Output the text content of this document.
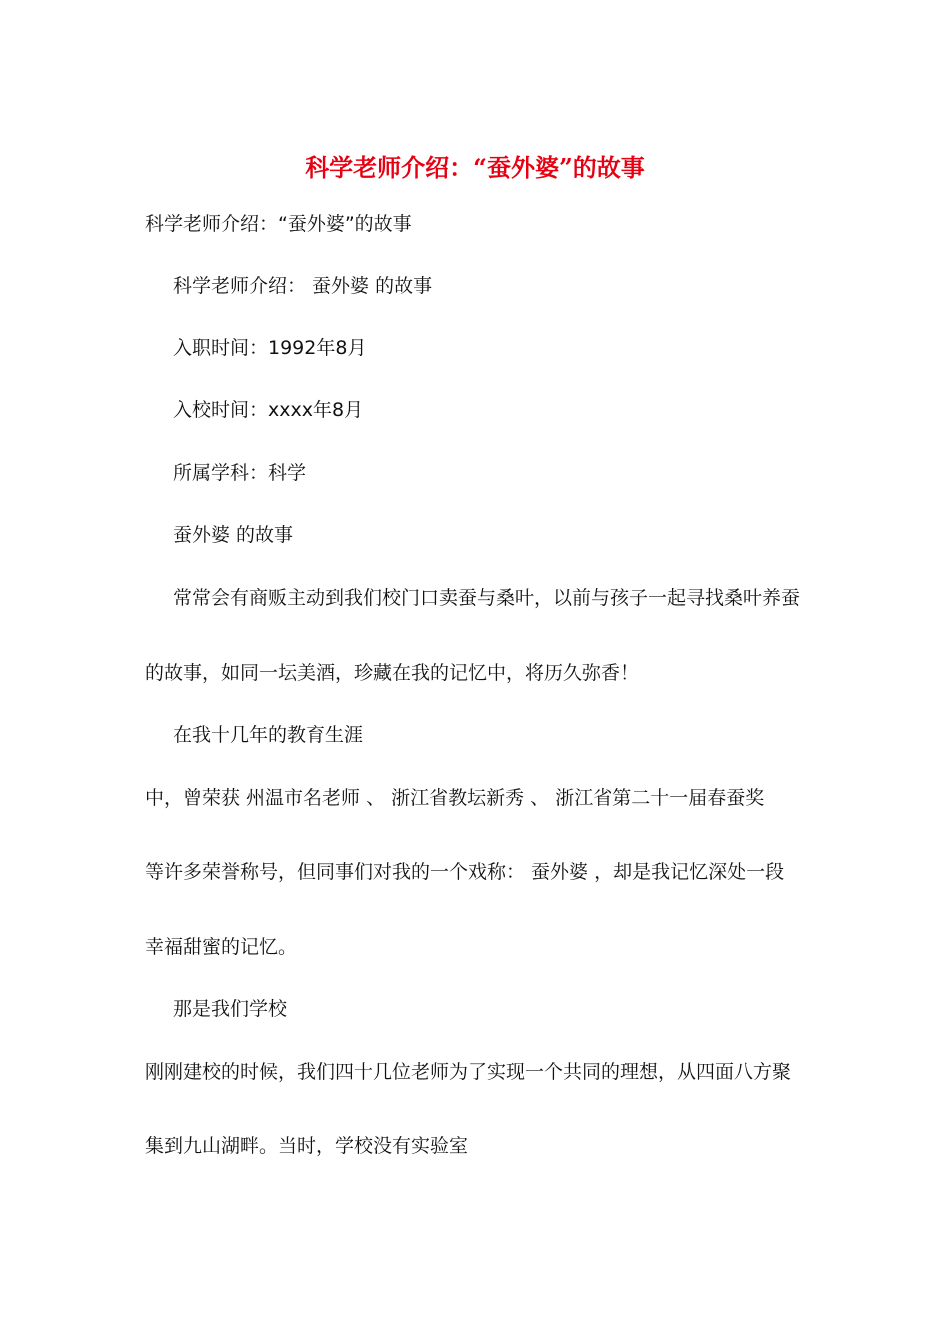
科学老师介绍：“蚕外婆”的故事
科学老师介绍：“蚕外婆”的故事
科学老师介绍： 蚕外婆 的故事
入职时间：1992年8月
入校时间：xxxx年8月
所属学科：科学
蚕外婆 的故事
常常会有商贩主动到我们校门口卖蚕与桑叶，以前与孩子一起寻找桑叶养蚕
的故事，如同一坛美酒，珍藏在我的记忆中，将历久弥香！
在我十几年的教育生涯
中，曾荣获 州温市名老师 、 浙江省教坛新秀 、 浙江省第二十一届春蚕奖
等许多荣誉称号，但同事们对我的一个戏称： 蚕外婆 ，却是我记忆深处一段
幸福甜蜜的记忆。
那是我们学校
刚刚建校的时候，我们四十几位老师为了实现一个共同的理想，从四面八方聚
集到九山湖畔。当时，学校没有实验室
